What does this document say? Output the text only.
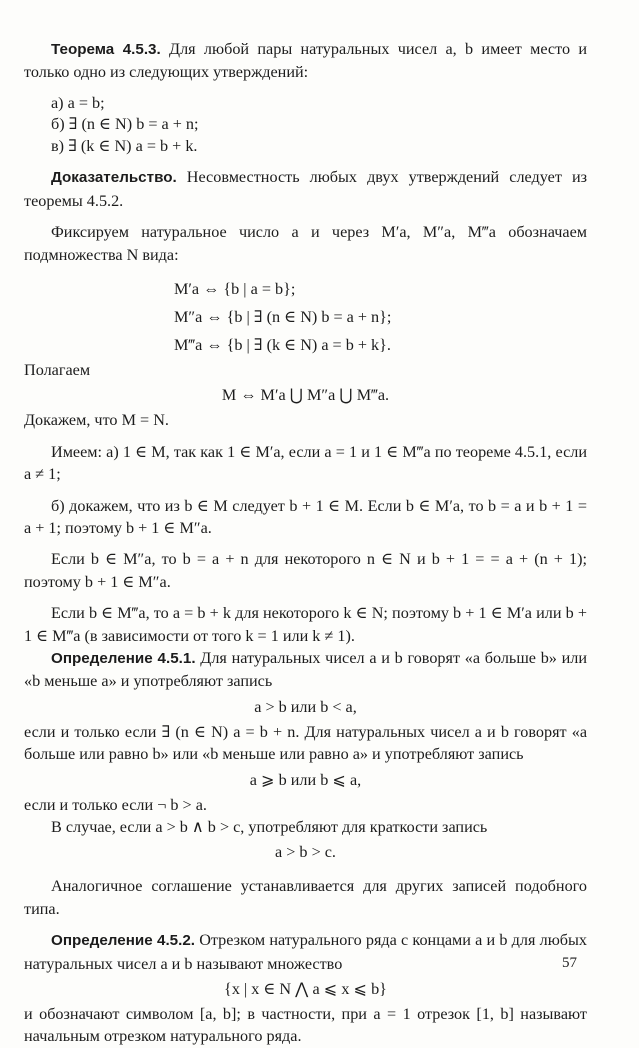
Теорема 4.5.3. Для любой пары натуральных чисел a, b имеет место и только одно из следующих утверждений:

а) a = b;
б) ∃ (n ∈ N) b = a + n;
в) ∃ (k ∈ N) a = b + k.

Доказательство. Несовместность любых двух утверждений следует из теоремы 4.5.2.

Фиксируем натуральное число a и через M′a, M″a, M‴a обозначаем подмножества N вида:

M′a ⇔ {b | a = b};
M″a ⇔ {b | ∃ (n ∈ N) b = a + n};
M‴a ⇔ {b | ∃ (k ∈ N) a = b + k}.

Полагаем

M ⇔ M′a ⋃ M″a ⋃ M‴a.

Докажем, что M = N.

Имеем: а) 1 ∈ M, так как 1 ∈ M′a, если a = 1 и 1 ∈ M‴a по теореме 4.5.1, если a ≠ 1;

б) докажем, что из b ∈ M следует b + 1 ∈ M. Если b ∈ M′a, то b = a и b + 1 = a + 1; поэтому b + 1 ∈ M″a.

Если b ∈ M″a, то b = a + n для некоторого n ∈ N и b + 1 = = a + (n + 1); поэтому b + 1 ∈ M″a.

Если b ∈ M‴a, то a = b + k для некоторого k ∈ N; поэтому b + 1 ∈ M′a или b + 1 ∈ M‴a (в зависимости от того k = 1 или k ≠ 1).

Определение 4.5.1. Для натуральных чисел a и b говорят «a больше b» или «b меньше a» и употребляют запись

a > b или b < a,

если и только если ∃ (n ∈ N) a = b + n. Для натуральных чисел a и b говорят «a больше или равно b» или «b меньше или равно a» и употребляют запись

a ⩾ b или b ⩽ a,

если и только если ¬ b > a.

В случае, если a > b ∧ b > c, употребляют для краткости запись

a > b > c.

Аналогичное соглашение устанавливается для других записей подобного типа.

Определение 4.5.2. Отрезком натурального ряда с концами a и b для любых натуральных чисел a и b называют множество

{x | x ∈ N ⋀ a ⩽ x ⩽ b}

и обозначают символом [a, b]; в частности, при a = 1 отрезок [1, b] называют начальным отрезком натурального ряда.

57
